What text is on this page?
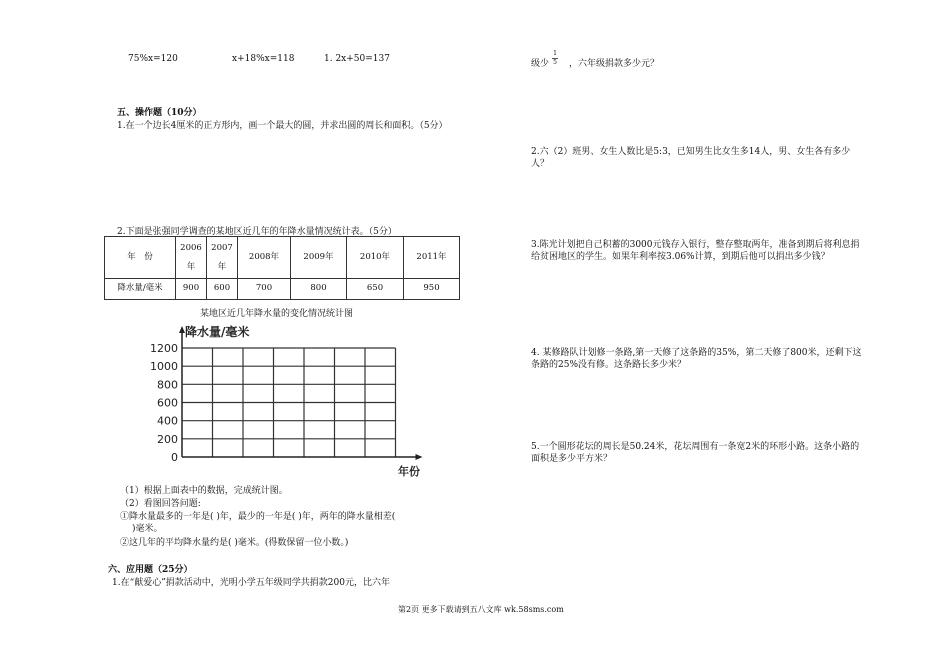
75%x=120	x+18%x=118	1. 2x+50=137
五、操作题（10分）
1.在一个边长4厘米的正方形内，画一个最大的圆，并求出圆的周长和面积。（5分）
2.下面是张强同学调查的某地区近几年的年降水量情况统计表。（5分）
年　份	2006年	2007年	2008年	2009年	2010年	2011年
降水量/毫米	900	600	700	800	650	950
某地区近几年降水量的变化情况统计图
1200
1000
800
600
400
200
0
降水量/毫米
年份
（1）根据上面表中的数据，完成统计图。
（2）看图回答问题:
①降水量最多的一年是( )年，最少的一年是( )年，两年的降水量相差(
)毫米。
②这几年的平均降水量约是( )毫米。(得数保留一位小数。)
六、应用题（25分）
1.在“献爱心”捐款活动中，光明小学五年级同学共捐款200元，比六年
级少 ，六年级捐款多少元？
1
5
2.六（2）班男、女生人数比是5:3，已知男生比女生多14人，男、女生各有多少人？
3.陈光计划把自己积蓄的3000元钱存入银行，整存整取两年，准备到期后将利息捐给贫困地区的学生。如果年利率按3.06%计算，到期后他可以捐出多少钱？
4. 某修路队计划修一条路,第一天修了这条路的35%，第二天修了800米，还剩下这条路的25%没有修。这条路长多少米？
5.一个圆形花坛的周长是50.24米，花坛周围有一条宽2米的环形小路。这条小路的面积是多少平方米？
第2页 更多下载请到五八文库 wk.58sms.com
